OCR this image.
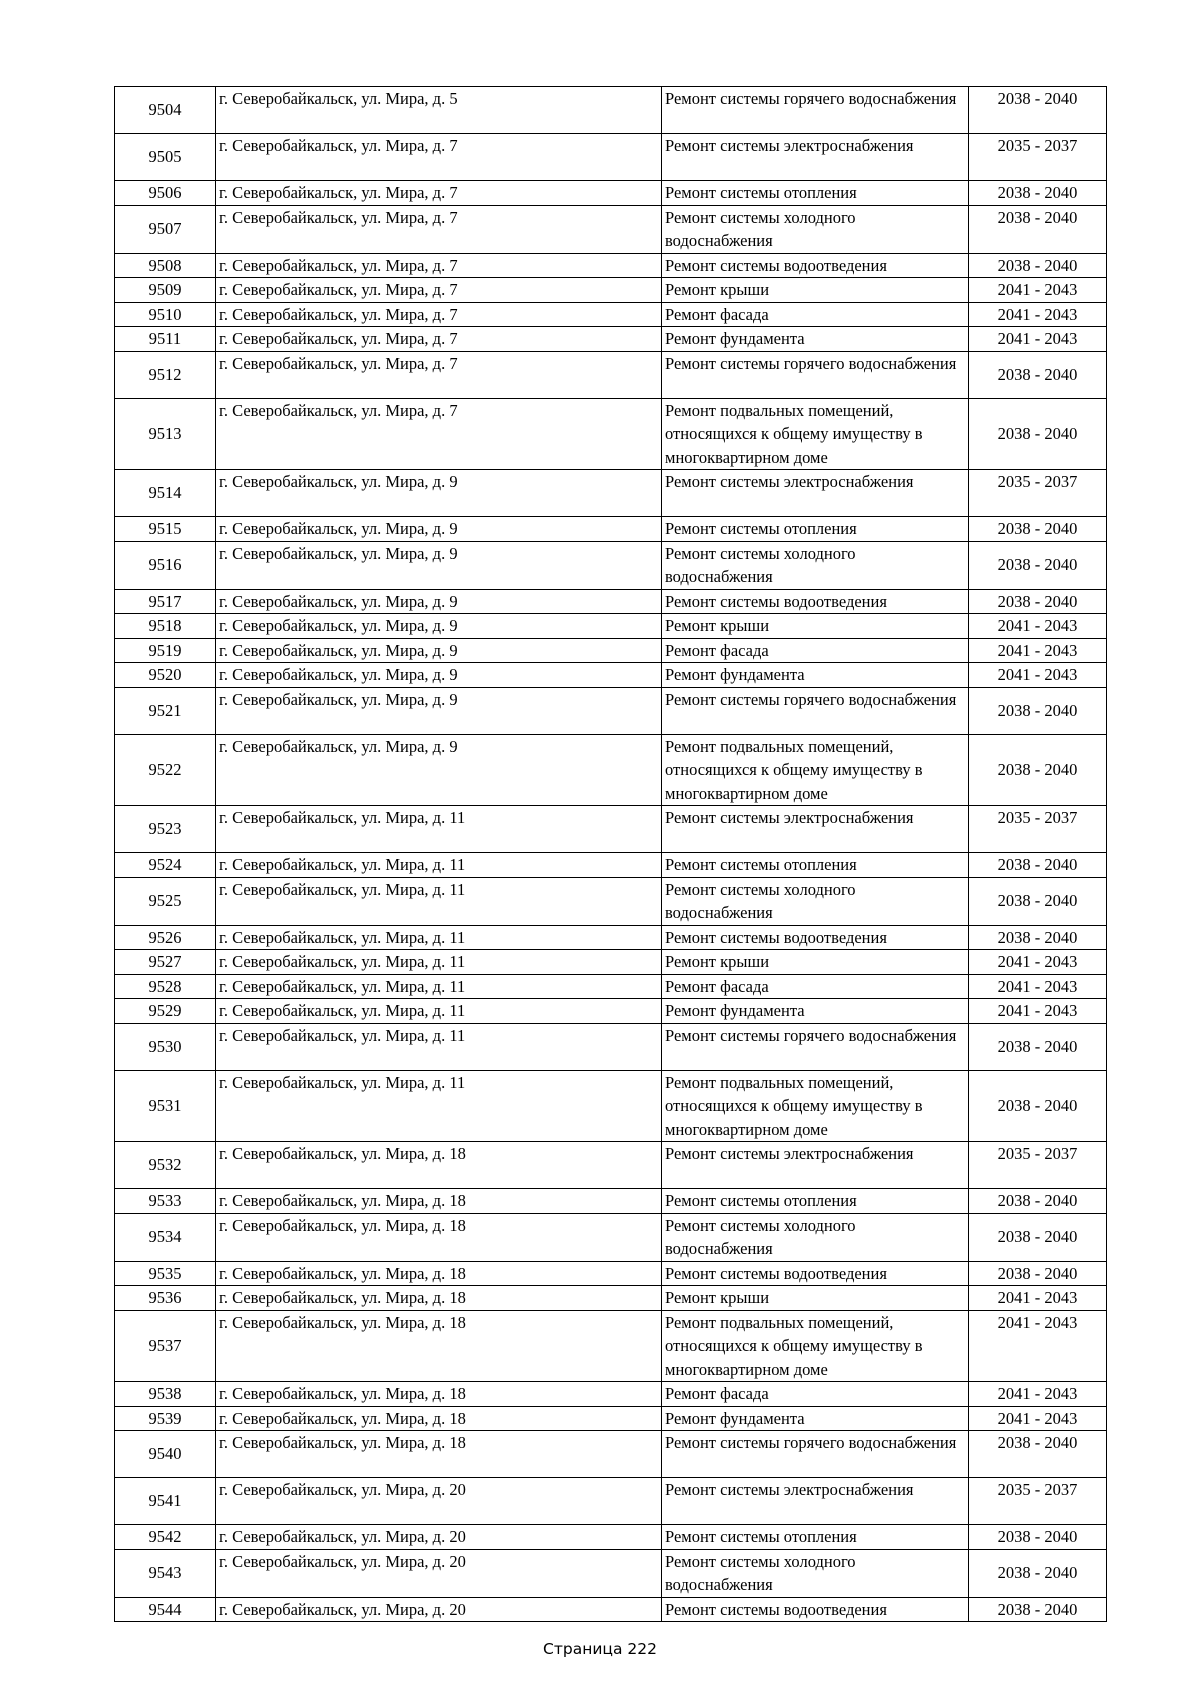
9504	г. Северобайкальск, ул. Мира, д. 5	Ремонт системы горячего водоснабжения	2038 - 2040
9505	г. Северобайкальск, ул. Мира, д. 7	Ремонт системы электроснабжения	2035 - 2037
9506	г. Северобайкальск, ул. Мира, д. 7	Ремонт системы отопления	2038 - 2040
9507	г. Северобайкальск, ул. Мира, д. 7	Ремонт системы холодного водоснабжения	2038 - 2040
9508	г. Северобайкальск, ул. Мира, д. 7	Ремонт системы водоотведения	2038 - 2040
9509	г. Северобайкальск, ул. Мира, д. 7	Ремонт крыши	2041 - 2043
9510	г. Северобайкальск, ул. Мира, д. 7	Ремонт фасада	2041 - 2043
9511	г. Северобайкальск, ул. Мира, д. 7	Ремонт фундамента	2041 - 2043
9512	г. Северобайкальск, ул. Мира, д. 7	Ремонт системы горячего водоснабжения	2038 - 2040
9513	г. Северобайкальск, ул. Мира, д. 7	Ремонт подвальных помещений, относящихся к общему имуществу в многоквартирном доме	2038 - 2040
9514	г. Северобайкальск, ул. Мира, д. 9	Ремонт системы электроснабжения	2035 - 2037
9515	г. Северобайкальск, ул. Мира, д. 9	Ремонт системы отопления	2038 - 2040
9516	г. Северобайкальск, ул. Мира, д. 9	Ремонт системы холодного водоснабжения	2038 - 2040
9517	г. Северобайкальск, ул. Мира, д. 9	Ремонт системы водоотведения	2038 - 2040
9518	г. Северобайкальск, ул. Мира, д. 9	Ремонт крыши	2041 - 2043
9519	г. Северобайкальск, ул. Мира, д. 9	Ремонт фасада	2041 - 2043
9520	г. Северобайкальск, ул. Мира, д. 9	Ремонт фундамента	2041 - 2043
9521	г. Северобайкальск, ул. Мира, д. 9	Ремонт системы горячего водоснабжения	2038 - 2040
9522	г. Северобайкальск, ул. Мира, д. 9	Ремонт подвальных помещений, относящихся к общему имуществу в многоквартирном доме	2038 - 2040
9523	г. Северобайкальск, ул. Мира, д. 11	Ремонт системы электроснабжения	2035 - 2037
9524	г. Северобайкальск, ул. Мира, д. 11	Ремонт системы отопления	2038 - 2040
9525	г. Северобайкальск, ул. Мира, д. 11	Ремонт системы холодного водоснабжения	2038 - 2040
9526	г. Северобайкальск, ул. Мира, д. 11	Ремонт системы водоотведения	2038 - 2040
9527	г. Северобайкальск, ул. Мира, д. 11	Ремонт крыши	2041 - 2043
9528	г. Северобайкальск, ул. Мира, д. 11	Ремонт фасада	2041 - 2043
9529	г. Северобайкальск, ул. Мира, д. 11	Ремонт фундамента	2041 - 2043
9530	г. Северобайкальск, ул. Мира, д. 11	Ремонт системы горячего водоснабжения	2038 - 2040
9531	г. Северобайкальск, ул. Мира, д. 11	Ремонт подвальных помещений, относящихся к общему имуществу в многоквартирном доме	2038 - 2040
9532	г. Северобайкальск, ул. Мира, д. 18	Ремонт системы электроснабжения	2035 - 2037
9533	г. Северобайкальск, ул. Мира, д. 18	Ремонт системы отопления	2038 - 2040
9534	г. Северобайкальск, ул. Мира, д. 18	Ремонт системы холодного водоснабжения	2038 - 2040
9535	г. Северобайкальск, ул. Мира, д. 18	Ремонт системы водоотведения	2038 - 2040
9536	г. Северобайкальск, ул. Мира, д. 18	Ремонт крыши	2041 - 2043
9537	г. Северобайкальск, ул. Мира, д. 18	Ремонт подвальных помещений, относящихся к общему имуществу в многоквартирном доме	2041 - 2043
9538	г. Северобайкальск, ул. Мира, д. 18	Ремонт фасада	2041 - 2043
9539	г. Северобайкальск, ул. Мира, д. 18	Ремонт фундамента	2041 - 2043
9540	г. Северобайкальск, ул. Мира, д. 18	Ремонт системы горячего водоснабжения	2038 - 2040
9541	г. Северобайкальск, ул. Мира, д. 20	Ремонт системы электроснабжения	2035 - 2037
9542	г. Северобайкальск, ул. Мира, д. 20	Ремонт системы отопления	2038 - 2040
9543	г. Северобайкальск, ул. Мира, д. 20	Ремонт системы холодного водоснабжения	2038 - 2040
9544	г. Северобайкальск, ул. Мира, д. 20	Ремонт системы водоотведения	2038 - 2040
Страница 222
